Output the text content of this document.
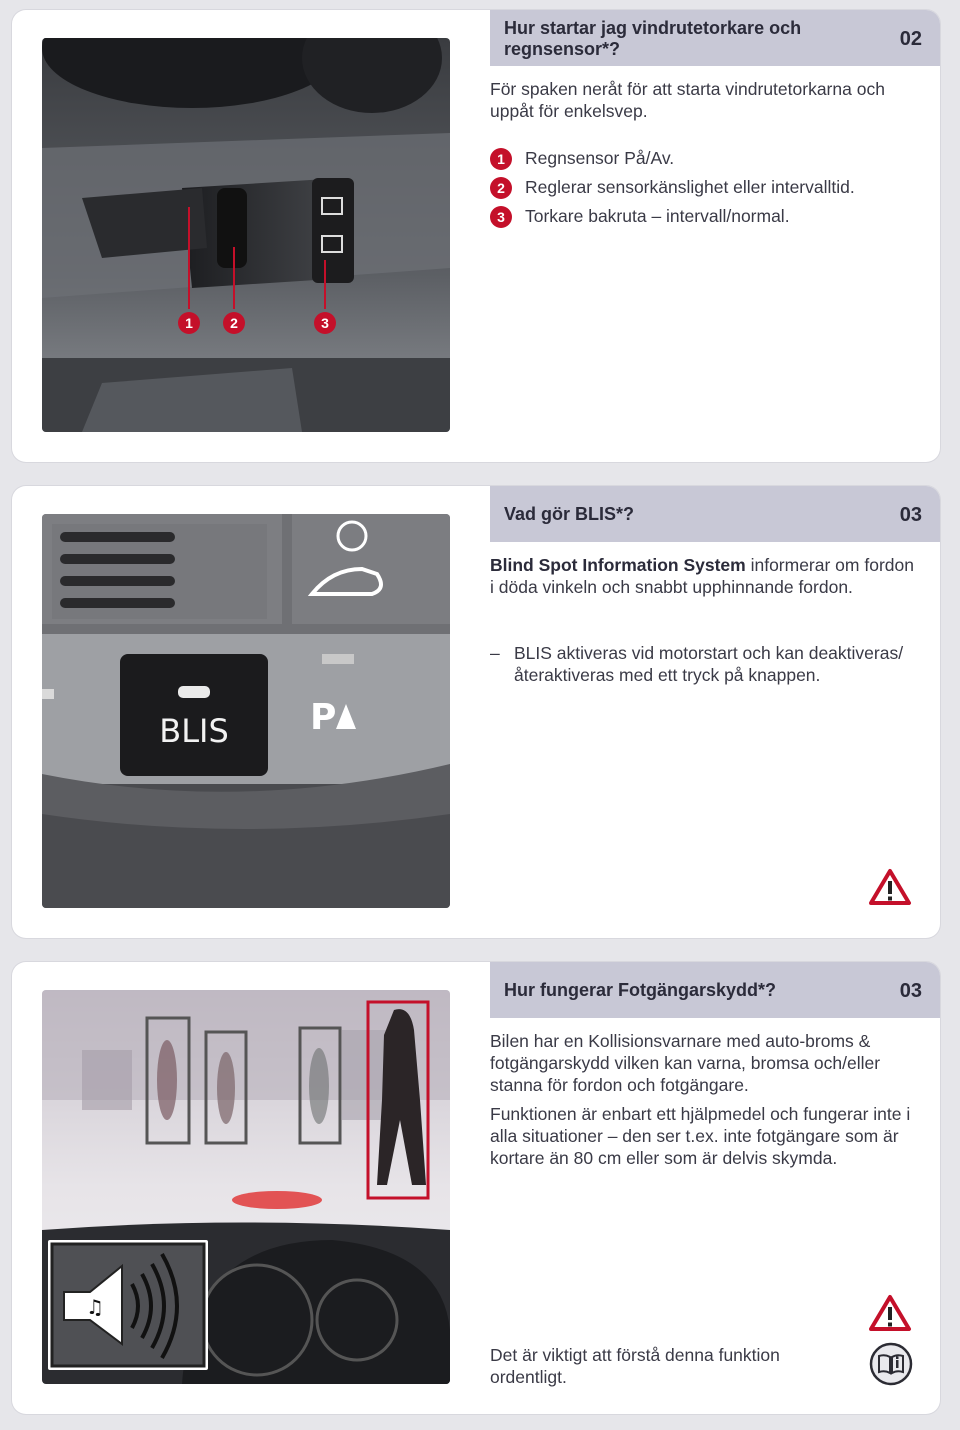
1	2	3
Hur startar jag vindrutetorkare och regnsensor*?	02
För spaken neråt för att starta vindrutetorkarna och uppåt för enkelsvep.
1	Regnsensor På/Av.
2	Reglerar sensorkänslighet eller intervalltid.
3	Torkare bakruta – intervall/normal.
BLIS P
Vad gör BLIS*?	03
Blind Spot Information System informerar om fordon i döda vinkeln och snabbt upphinnande fordon.
– BLIS aktiveras vid motorstart och kan deaktiveras/återaktiveras med ett tryck på knappen.
♫
Hur fungerar Fotgängarskydd*?	03
Bilen har en Kollisionsvarnare med auto-broms & fotgängarskydd vilken kan varna, bromsa och/eller stanna för fordon och fotgängare.
Funktionen är enbart ett hjälpmedel och fungerar inte i alla situationer – den ser t.ex. inte fotgängare som är kortare än 80 cm eller som är delvis skymda.
Det är viktigt att förstå denna funktion ordentligt.
